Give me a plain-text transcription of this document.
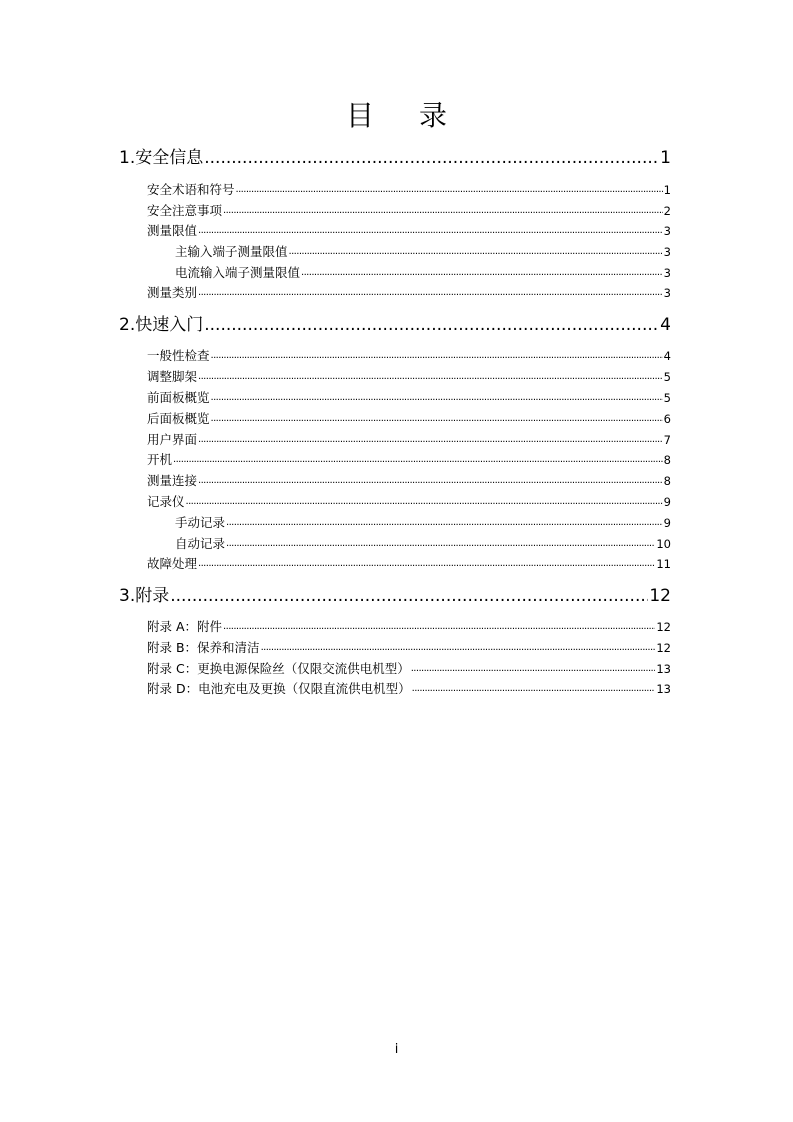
目 录
1.安全信息 .....	1
安全术语和符号 .....	1
安全注意事项 .....	2
测量限值 .....	3
主输入端子测量限值 .....	3
电流输入端子测量限值 .....	3
测量类别 .....	3
2.快速入门 .....	4
一般性检查 .....	4
调整脚架 .....	5
前面板概览 .....	5
后面板概览 .....	6
用户界面 .....	7
开机 .....	8
测量连接 .....	8
记录仪 .....	9
手动记录 .....	9
自动记录 .....	10
故障处理 .....	11
3.附录 .....	12
附录 A：附件 .....	12
附录 B：保养和清洁 .....	12
附录 C：更换电源保险丝（仅限交流供电机型） .....	13
附录 D：电池充电及更换（仅限直流供电机型） .....	13
i
